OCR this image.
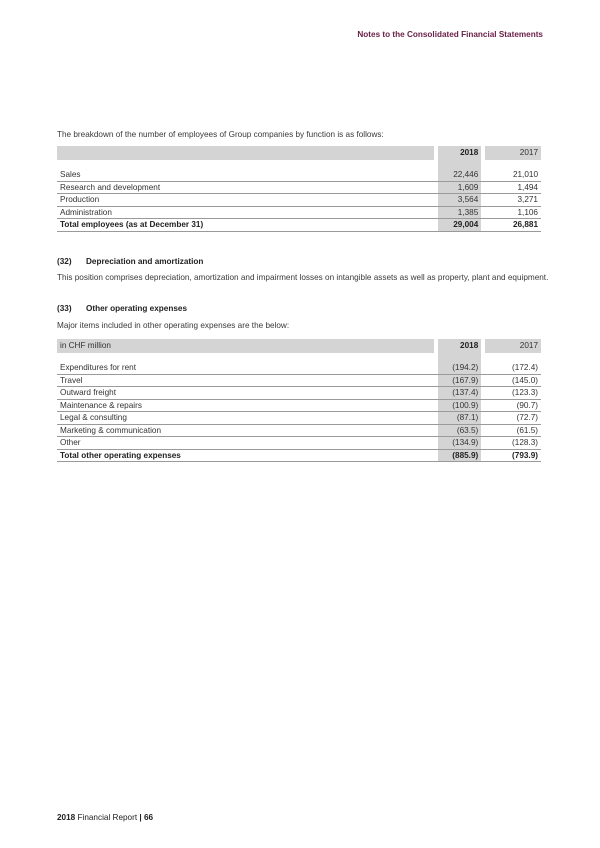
Notes to the Consolidated Financial Statements
The breakdown of the number of employees of Group companies by function is as follows:
		2018		2017

Sales		22,446		21,010
Research and development		1,609		1,494
Production		3,564		3,271
Administration		1,385		1,106
Total employees (as at December 31)		29,004		26,881
(32) Depreciation and amortization
This position comprises depreciation, amortization and impairment losses on intangible assets as well as property, plant and equipment.
(33) Other operating expenses
Major items included in other operating expenses are the below:
in CHF million		2018		2017

Expenditures for rent		(194.2)		(172.4)
Travel		(167.9)		(145.0)
Outward freight		(137.4)		(123.3)
Maintenance & repairs		(100.9)		(90.7)
Legal & consulting		(87.1)		(72.7)
Marketing & communication		(63.5)		(61.5)
Other		(134.9)		(128.3)
Total other operating expenses		(885.9)		(793.9)
2018 Financial Report | 66
